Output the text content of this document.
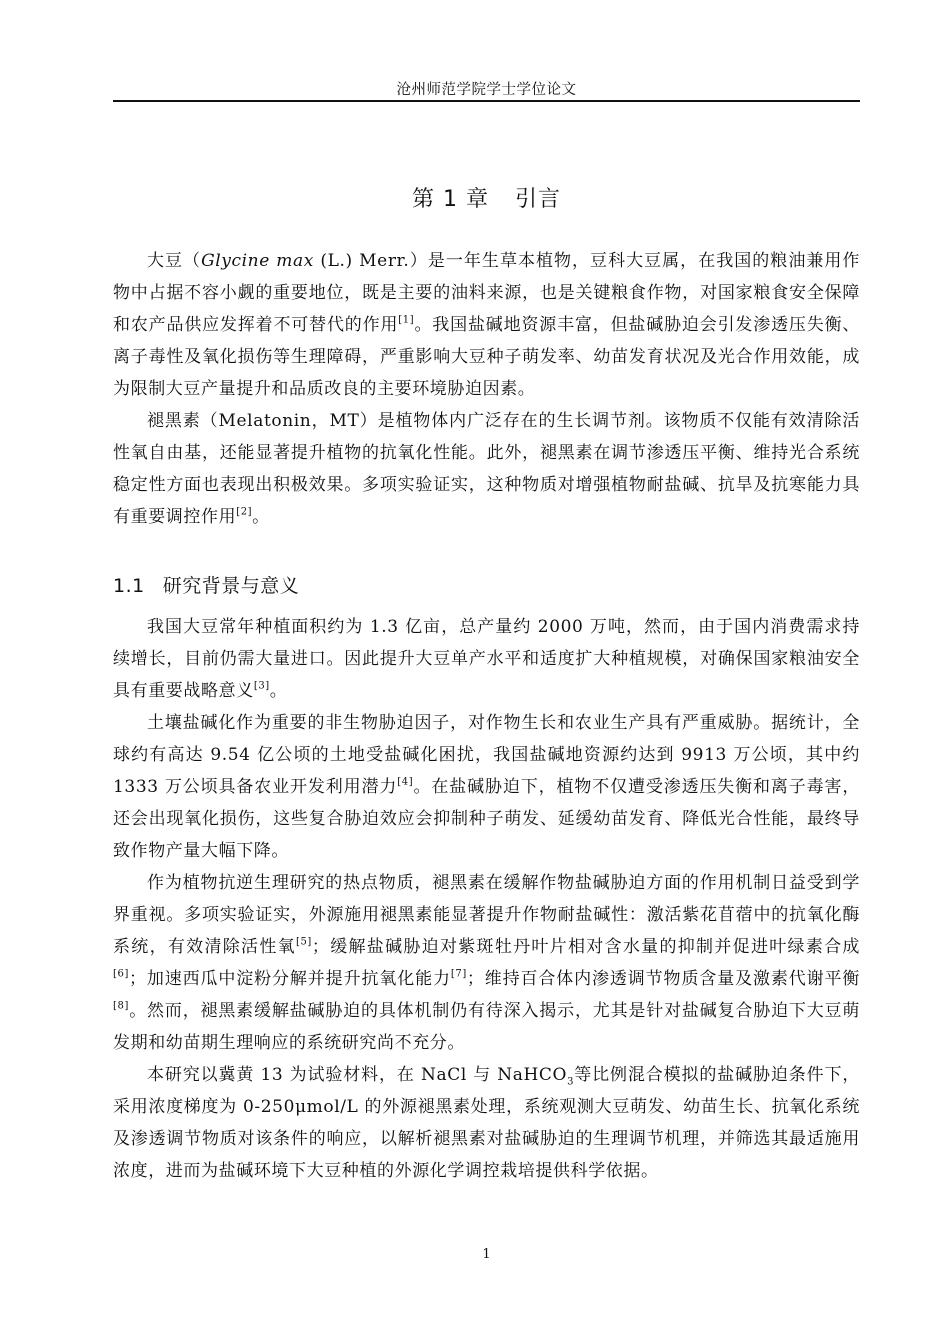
沧州师范学院学士学位论文
第 1 章 引言

大豆（Glycine max (L.) Merr.）是一年生草本植物，豆科大豆属，在我国的粮油兼用作物中占据不容小觑的重要地位，既是主要的油料来源，也是关键粮食作物，对国家粮食安全保障和农产品供应发挥着不可替代的作用[1]。我国盐碱地资源丰富，但盐碱胁迫会引发渗透压失衡、离子毒性及氧化损伤等生理障碍，严重影响大豆种子萌发率、幼苗发育状况及光合作用效能，成为限制大豆产量提升和品质改良的主要环境胁迫因素。

褪黑素（Melatonin，MT）是植物体内广泛存在的生长调节剂。该物质不仅能有效清除活性氧自由基，还能显著提升植物的抗氧化性能。此外，褪黑素在调节渗透压平衡、维持光合系统稳定性方面也表现出积极效果。多项实验证实，这种物质对增强植物耐盐碱、抗旱及抗寒能力具有重要调控作用[2]。

1.1 研究背景与意义

我国大豆常年种植面积约为 1.3 亿亩，总产量约 2000 万吨，然而，由于国内消费需求持续增长，目前仍需大量进口。因此提升大豆单产水平和适度扩大种植规模，对确保国家粮油安全具有重要战略意义[3]。

土壤盐碱化作为重要的非生物胁迫因子，对作物生长和农业生产具有严重威胁。据统计，全球约有高达 9.54 亿公顷的土地受盐碱化困扰，我国盐碱地资源约达到 9913 万公顷，其中约 1333 万公顷具备农业开发利用潜力[4]。在盐碱胁迫下，植物不仅遭受渗透压失衡和离子毒害，还会出现氧化损伤，这些复合胁迫效应会抑制种子萌发、延缓幼苗发育、降低光合性能，最终导致作物产量大幅下降。

作为植物抗逆生理研究的热点物质，褪黑素在缓解作物盐碱胁迫方面的作用机制日益受到学界重视。多项实验证实，外源施用褪黑素能显著提升作物耐盐碱性：激活紫花苜蓿中的抗氧化酶系统，有效清除活性氧[5]；缓解盐碱胁迫对紫斑牡丹叶片相对含水量的抑制并促进叶绿素合成[6]；加速西瓜中淀粉分解并提升抗氧化能力[7]；维持百合体内渗透调节物质含量及激素代谢平衡[8]。然而，褪黑素缓解盐碱胁迫的具体机制仍有待深入揭示，尤其是针对盐碱复合胁迫下大豆萌发期和幼苗期生理响应的系统研究尚不充分。

本研究以冀黄 13 为试验材料，在 NaCl 与 NaHCO$_3$等比例混合模拟的盐碱胁迫条件下，采用浓度梯度为 0-250μmol/L 的外源褪黑素处理，系统观测大豆萌发、幼苗生长、抗氧化系统及渗透调节物质对该条件的响应，以解析褪黑素对盐碱胁迫的生理调节机理，并筛选其最适施用浓度，进而为盐碱环境下大豆种植的外源化学调控栽培提供科学依据。

1
